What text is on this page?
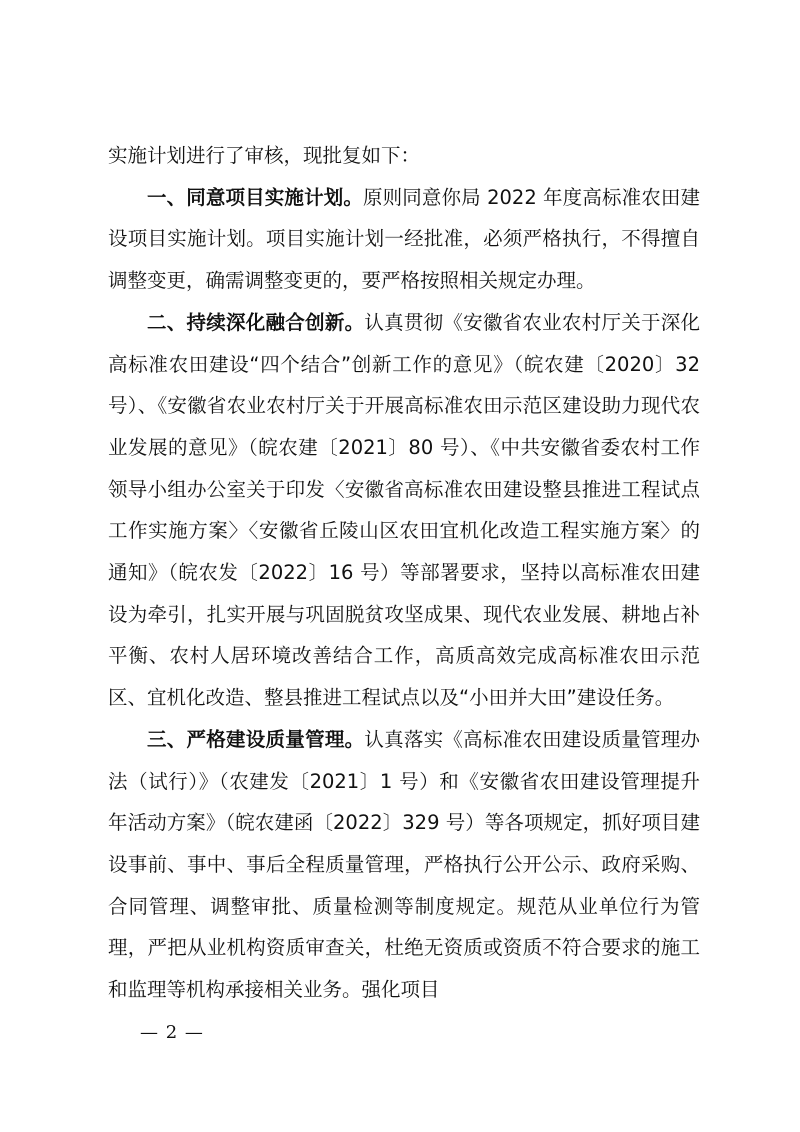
实施计划进行了审核，现批复如下：

一、同意项目实施计划。原则同意你局 2022 年度高标准农田建设项目实施计划。项目实施计划一经批准，必须严格执行，不得擅自调整变更，确需调整变更的，要严格按照相关规定办理。

二、持续深化融合创新。认真贯彻《安徽省农业农村厅关于深化高标准农田建设“四个结合”创新工作的意见》（皖农建〔2020〕32 号）、《安徽省农业农村厅关于开展高标准农田示范区建设助力现代农业发展的意见》（皖农建〔2021〕80 号）、《中共安徽省委农村工作领导小组办公室关于印发〈安徽省高标准农田建设整县推进工程试点工作实施方案〉〈安徽省丘陵山区农田宜机化改造工程实施方案〉的通知》（皖农发〔2022〕16 号）等部署要求，坚持以高标准农田建设为牵引，扎实开展与巩固脱贫攻坚成果、现代农业发展、耕地占补平衡、农村人居环境改善结合工作，高质高效完成高标准农田示范区、宜机化改造、整县推进工程试点以及“小田并大田”建设任务。

三、严格建设质量管理。认真落实《高标准农田建设质量管理办法（试行）》（农建发〔2021〕1 号）和《安徽省农田建设管理提升年活动方案》（皖农建函〔2022〕329 号）等各项规定，抓好项目建设事前、事中、事后全程质量管理，严格执行公开公示、政府采购、合同管理、调整审批、质量检测等制度规定。规范从业单位行为管理，严把从业机构资质审查关，杜绝无资质或资质不符合要求的施工和监理等机构承接相关业务。强化项目

— 2 —
